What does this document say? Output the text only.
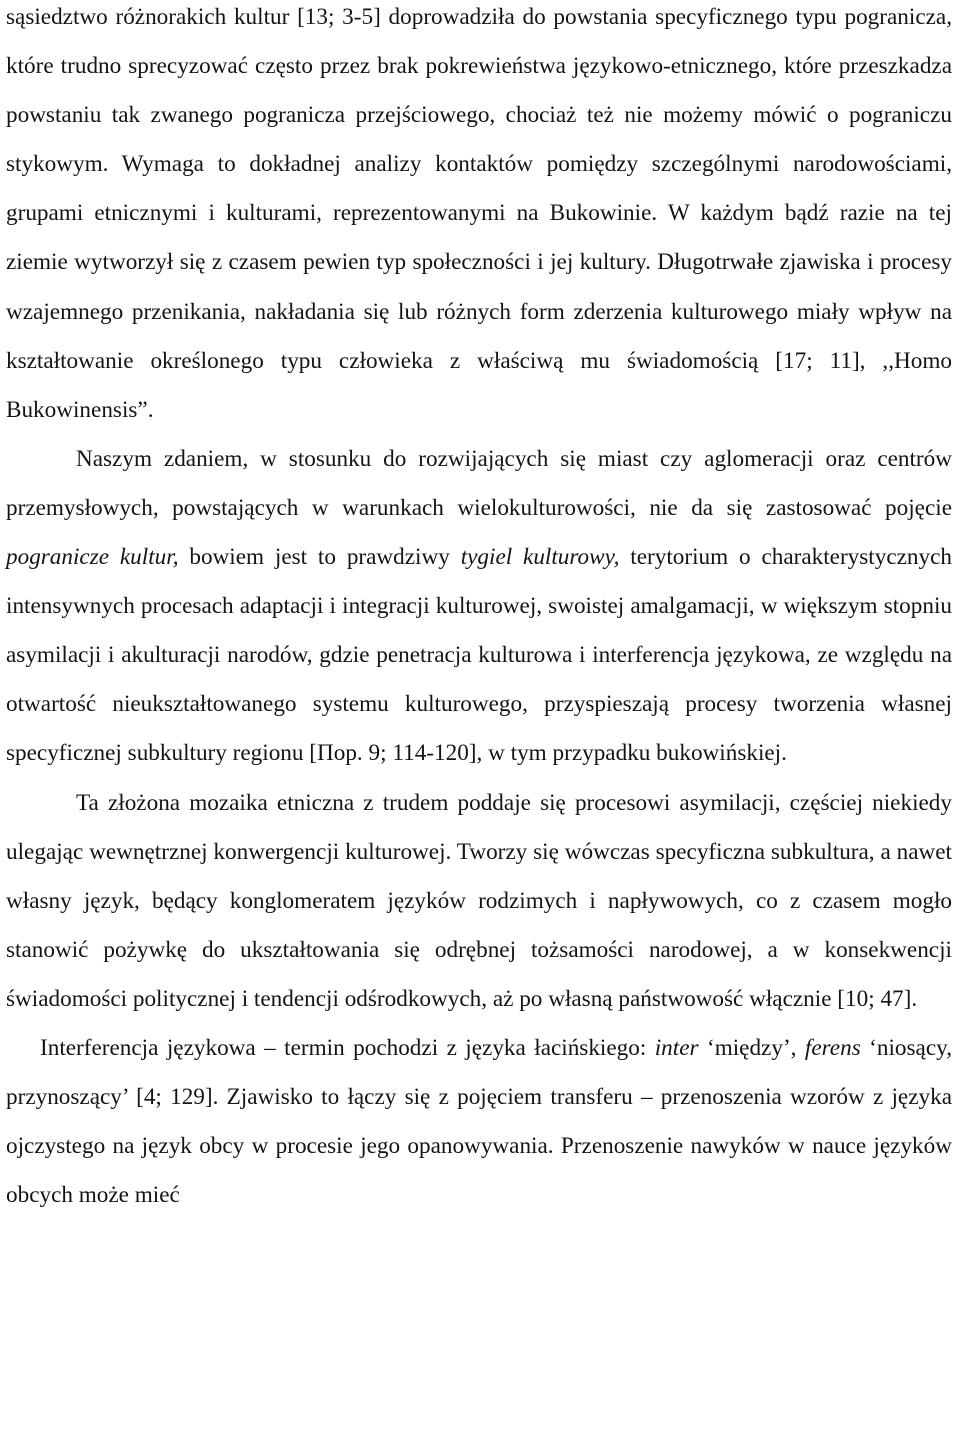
sąsiedztwo różnorakich kultur [13; 3-5] doprowadziła do powstania specyficznego typu pogranicza, które trudno sprecyzować często przez brak pokrewieństwa językowo-etnicznego, które przeszkadza powstaniu tak zwanego pogranicza przejściowego, chociaż też nie możemy mówić o pograniczu stykowym. Wymaga to dokładnej analizy kontaktów pomiędzy szczególnymi narodowościami, grupami etnicznymi i kulturami, reprezentowanymi na Bukowinie. W każdym bądź razie na tej ziemie wytworzył się z czasem pewien typ społeczności i jej kultury. Długotrwałe zjawiska i procesy wzajemnego przenikania, nakładania się lub różnych form zderzenia kulturowego miały wpływ na kształtowanie określonego typu człowieka z właściwą mu świadomością [17; 11], ,,Homo Bukowinensis”.

Naszym zdaniem, w stosunku do rozwijających się miast czy aglomeracji oraz centrów przemysłowych, powstających w warunkach wielokulturowości, nie da się zastosować pojęcie pogranicze kultur, bowiem jest to prawdziwy tygiel kulturowy, terytorium o charakterystycznych intensywnych procesach adaptacji i integracji kulturowej, swoistej amalgamacji, w większym stopniu asymilacji i akulturacji narodów, gdzie penetracja kulturowa i interferencja językowa, ze względu na otwartość nieukształtowanego systemu kulturowego, przyspieszają procesy tworzenia własnej specyficznej subkultury regionu [Пор. 9; 114-120], w tym przypadku bukowińskiej.

Ta złożona mozaika etniczna z trudem poddaje się procesowi asymilacji, częściej niekiedy ulegając wewnętrznej konwergencji kulturowej. Tworzy się wówczas specyficzna subkultura, a nawet własny język, będący konglomeratem języków rodzimych i napływowych, co z czasem mogło stanowić pożywkę do ukształtowania się odrębnej tożsamości narodowej, a w konsekwencji świadomości politycznej i tendencji odśrodkowych, aż po własną państwowość włącznie [10; 47].

Interferencja językowa – termin pochodzi z języka łacińskiego: inter ‘między’, ferens ‘niosący, przynoszący’ [4; 129]. Zjawisko to łączy się z pojęciem transferu – przenoszenia wzorów z języka ojczystego na język obcy w procesie jego opanowywania. Przenoszenie nawyków w nauce języków obcych może mieć
